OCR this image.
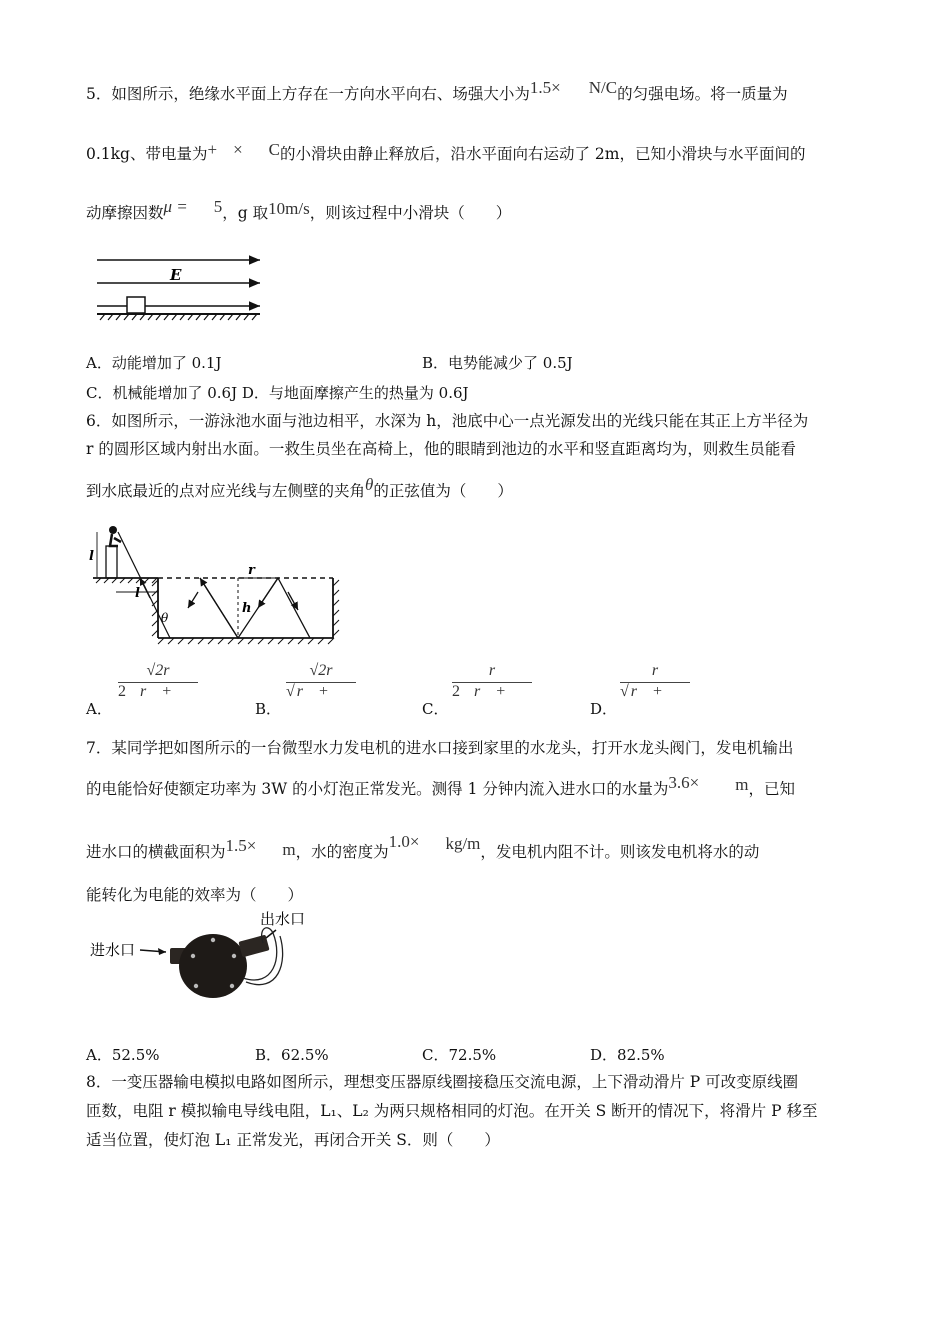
5．如图所示，绝缘水平面上方存在一方向水平向右、场强大小为1.5× N/C的匀强电场。将一质量为
0.1kg、带电量为+ × C的小滑块由静止释放后，沿水平面向右运动了 2m，已知小滑块与水平面间的
动摩擦因数μ = 5，g 取10m/s，则该过程中小滑块（　　）
E
A．动能增加了 0.1J	B．电势能减少了 0.5J
C．机械能增加了 0.6J D．与地面摩擦产生的热量为 0.6J
6．如图所示，一游泳池水面与池边相平，水深为 h，池底中心一点光源发出的光线只能在其正上方半径为
r 的圆形区域内射出水面。一救生员坐在高椅上，他的眼睛到池边的水平和竖直距离均为，则救生员能看
到水底最近的点对应光线与左侧壁的夹角θ的正弦值为（　　）
l
l
r
h
θ
A．
√2r
2 r +
B．
√2r
√ r +
C．
r
2 r +
D．
r
√ r +
7．某同学把如图所示的一台微型水力发电机的进水口接到家里的水龙头，打开水龙头阀门，发电机输出
的电能恰好使额定功率为 3W 的小灯泡正常发光。测得 1 分钟内流入进水口的水量为3.6× m，已知
进水口的横截面积为1.5× m，水的密度为1.0× kg/m，发电机内阻不计。则该发电机将水的动
能转化为电能的效率为（　　）
进水口
出水口
A．52.5%	B．62.5%	C．72.5%	D．82.5%
8．一变压器输电模拟电路如图所示，理想变压器原线圈接稳压交流电源，上下滑动滑片 P 可改变原线圈
匝数，电阻 r 模拟输电导线电阻，L₁、L₂ 为两只规格相同的灯泡。在开关 S 断开的情况下，将滑片 P 移至
适当位置，使灯泡 L₁ 正常发光，再闭合开关 S．则（　　）
